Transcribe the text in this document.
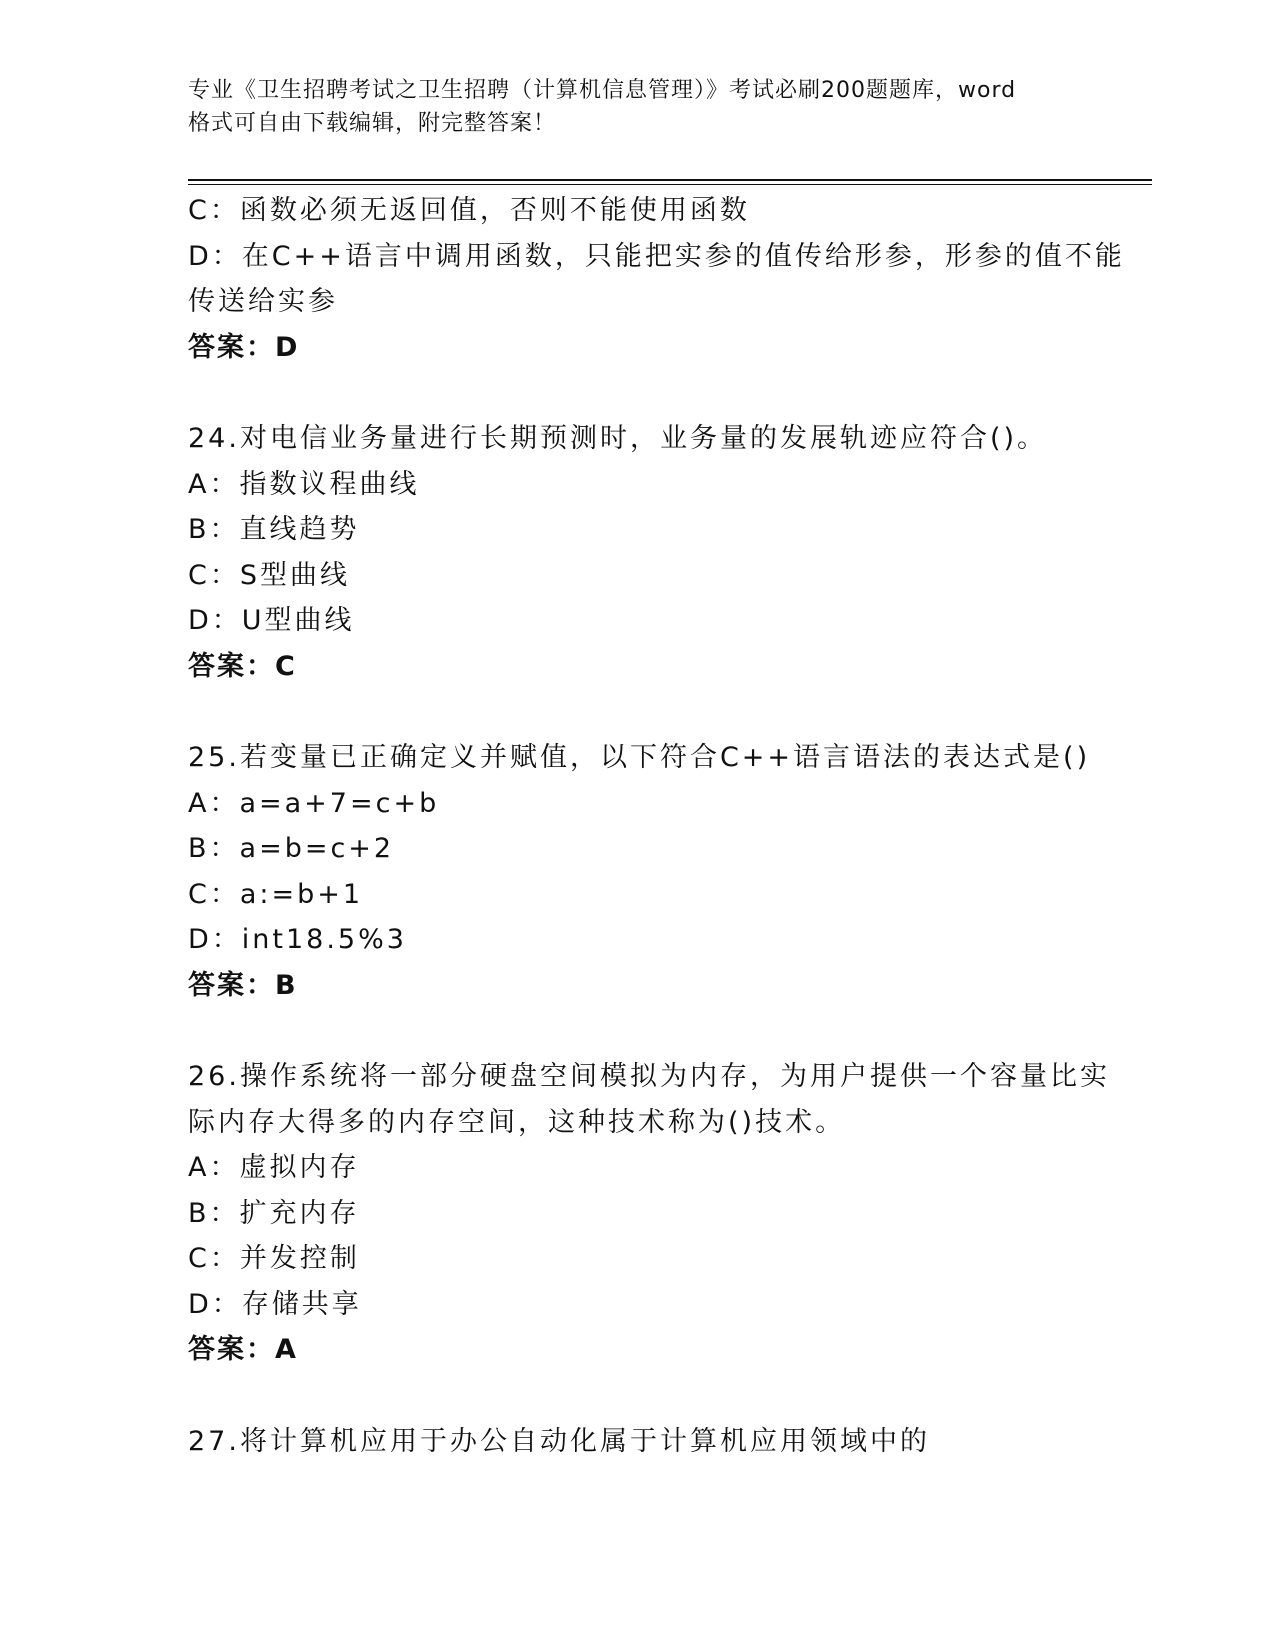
专业《卫生招聘考试之卫生招聘（计算机信息管理）》考试必刷200题题库，word
格式可自由下载编辑，附完整答案！
C：函数必须无返回值，否则不能使用函数
D：在C++语言中调用函数，只能把实参的值传给形参，形参的值不能
传送给实参
答案：D
24.对电信业务量进行长期预测时，业务量的发展轨迹应符合()。
A：指数议程曲线
B：直线趋势
C：S型曲线
D：U型曲线
答案：C
25.若变量已正确定义并赋值，以下符合C++语言语法的表达式是()
A：a=a+7=c+b
B：a=b=c+2
C：a:=b+1
D：int18.5%3
答案：B
26.操作系统将一部分硬盘空间模拟为内存，为用户提供一个容量比实
际内存大得多的内存空间，这种技术称为()技术。
A：虚拟内存
B：扩充内存
C：并发控制
D：存储共享
答案：A
27.将计算机应用于办公自动化属于计算机应用领域中的
